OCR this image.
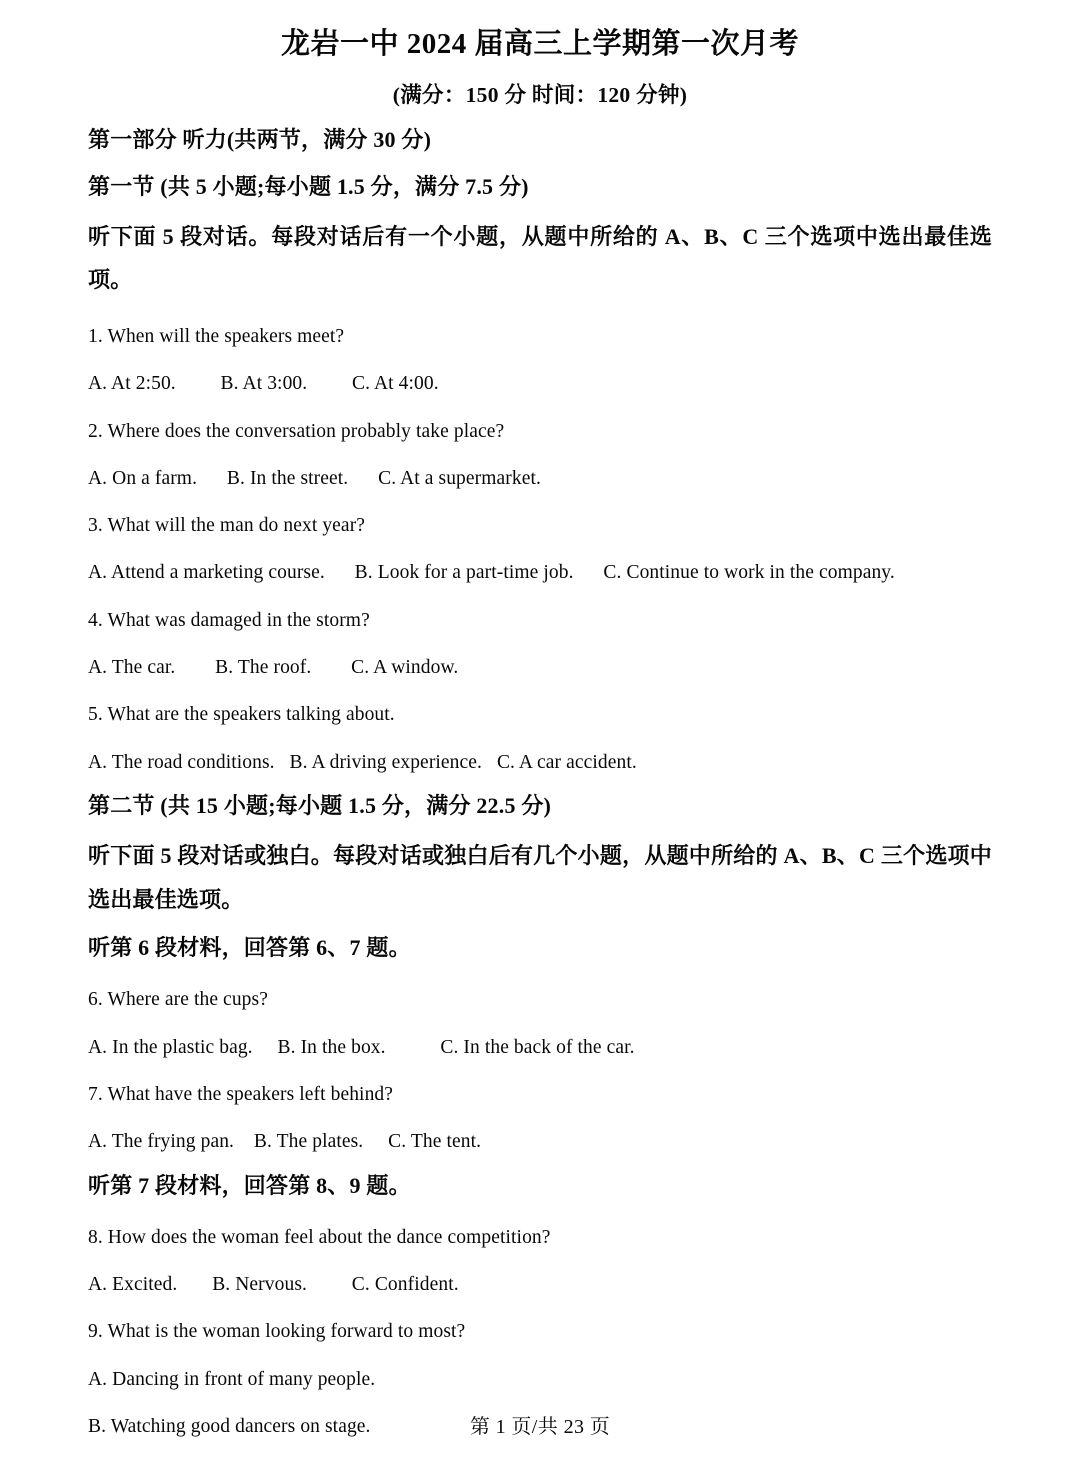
龙岩一中 2024 届高三上学期第一次月考
(满分：150 分 时间：120 分钟)
第一部分 听力(共两节，满分 30 分)
第一节 (共 5 小题;每小题 1.5 分，满分 7.5 分)
听下面 5 段对话。每段对话后有一个小题，从题中所给的 A、B、C 三个选项中选出最佳选项。
1. When will the speakers meet?
A. At 2:50.         B. At 3:00.         C. At 4:00.
2. Where does the conversation probably take place?
A. On a farm.      B. In the street.      C. At a supermarket.
3. What will the man do next year?
A. Attend a marketing course.      B. Look for a part-time job.      C. Continue to work in the company.
4. What was damaged in the storm?
A. The car.        B. The roof.        C. A window.
5. What are the speakers talking about.
A. The road conditions.   B. A driving experience.   C. A car accident.
第二节 (共 15 小题;每小题 1.5 分，满分 22.5 分)
听下面 5 段对话或独白。每段对话或独白后有几个小题，从题中所给的 A、B、C 三个选项中选出最佳选项。
听第 6 段材料，回答第 6、7 题。
6. Where are the cups?
A. In the plastic bag.     B. In the box.           C. In the back of the car.
7. What have the speakers left behind?
A. The frying pan.    B. The plates.     C. The tent.
听第 7 段材料，回答第 8、9 题。
8. How does the woman feel about the dance competition?
A. Excited.       B. Nervous.         C. Confident.
9. What is the woman looking forward to most?
A. Dancing in front of many people.
B. Watching good dancers on stage.	第 1 页/共 23 页
